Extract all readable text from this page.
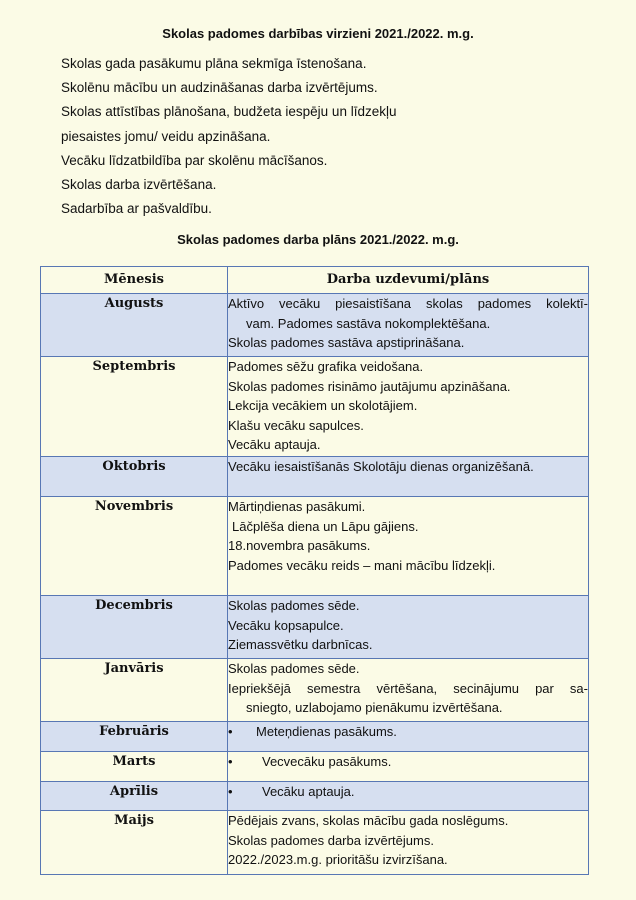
Skolas padomes darbības virzieni 2021./2022. m.g.
Skolas gada pasākumu plāna sekmīga īstenošana.
Skolēnu mācību un audzināšanas darba izvērtējums.
Skolas attīstības plānošana, budžeta iespēju un līdzekļu
piesaistes jomu/ veidu apzināšana.
Vecāku līdzatbildība par skolēnu mācīšanos.
Skolas darba izvērtēšana.
Sadarbība ar pašvaldību.
Skolas padomes darba plāns 2021./2022. m.g.
Mēnesis	Darba uzdevumi/plāns
Augusts	Aktīvo vecāku piesaistīšana skolas padomes kolektī-
vam. Padomes sastāva nokomplektēšana.
Skolas padomes sastāva apstiprināšana.

Septembris	Padomes sēžu grafika veidošana.
Skolas padomes risināmo jautājumu apzināšana.
Lekcija vecākiem un skolotājiem.
Klašu vecāku sapulces.
Vecāku aptauja.

Oktobris	Vecāku iesaistīšanās Skolotāju dienas organizēšanā.

Novembris	Mārtiņdienas pasākumi.
Lāčplēša diena un Lāpu gājiens.
18.novembra pasākums.
Padomes vecāku reids – mani mācību līdzekļi.

Decembris	Skolas padomes sēde.
Vecāku kopsapulce.
Ziemassvētku darbnīcas.

Janvāris	Skolas padomes sēde.
Iepriekšējā semestra vērtēšana, secinājumu par sa-
sniegto, uzlabojamo pienākumu izvērtēšana.

Februāris	• Meteņdienas pasākums.

Marts	• Vecvecāku pasākums.

Aprīlis	• Vecāku aptauja.

Maijs	Pēdējais zvans, skolas mācību gada noslēgums.
Skolas padomes darba izvērtējums.
2022./2023.m.g. prioritāšu izvirzīšana.
